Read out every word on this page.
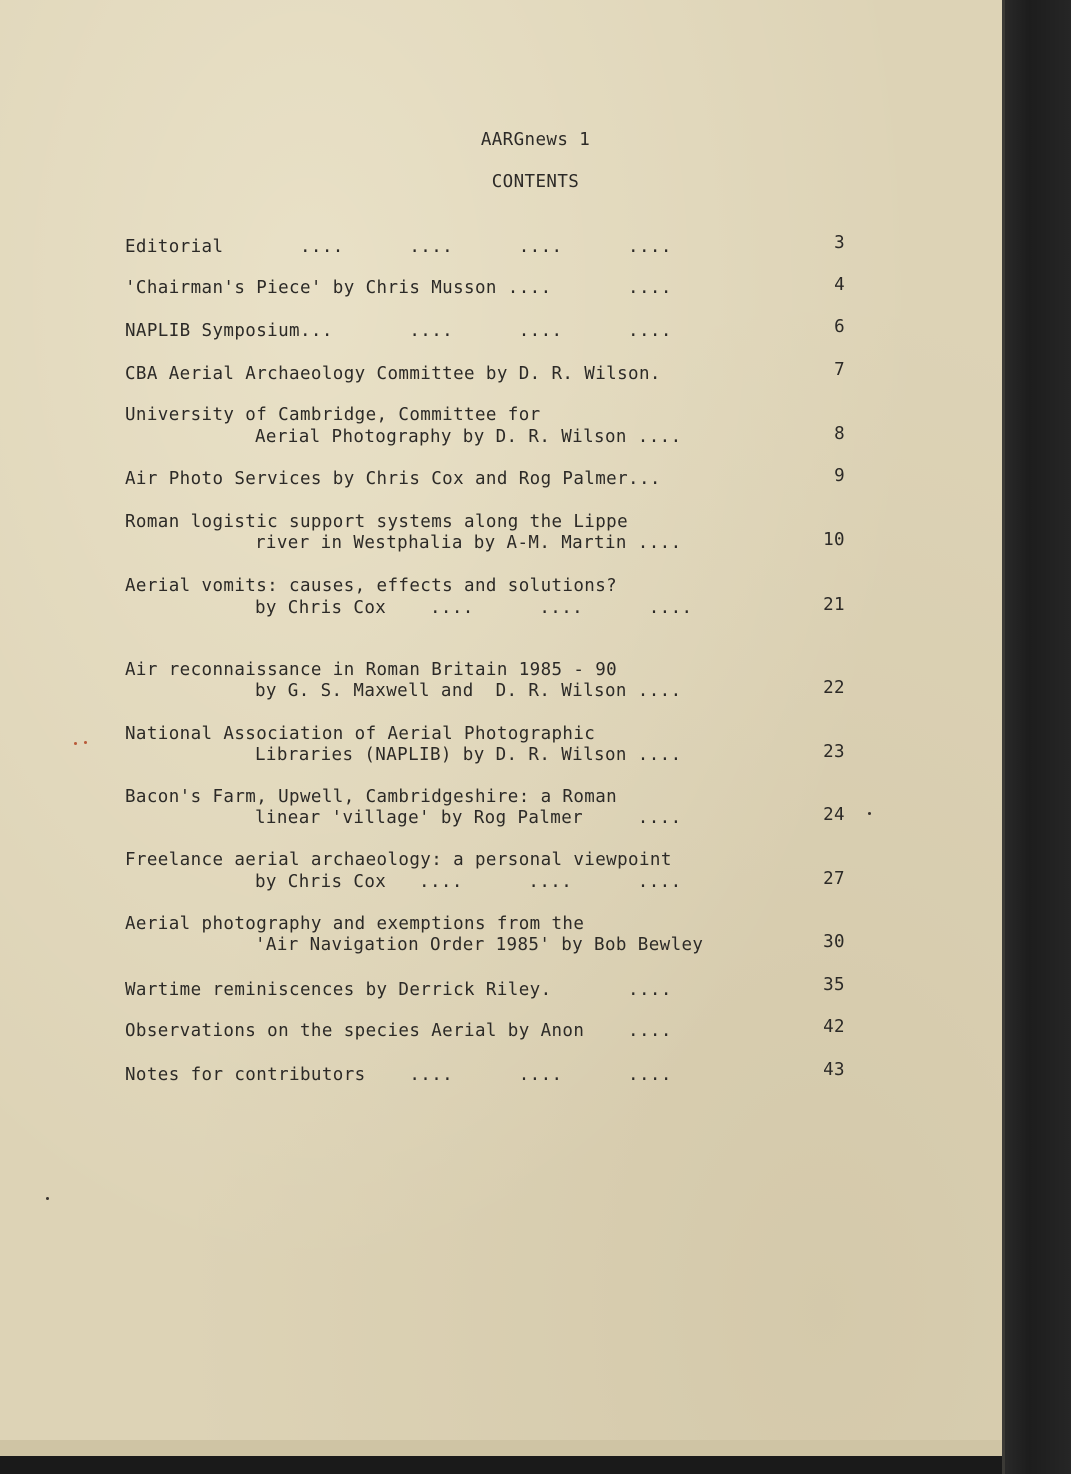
AARGnews 1
CONTENTS
Editorial       ....      ....      ....      ....	3
'Chairman's Piece' by Chris Musson ....       ....	4
NAPLIB Symposium...       ....      ....      ....	6
CBA Aerial Archaeology Committee by D. R. Wilson.	7
University of Cambridge, Committee for
Aerial Photography by D. R. Wilson ....	8
Air Photo Services by Chris Cox and Rog Palmer...	9
Roman logistic support systems along the Lippe
river in Westphalia by A-M. Martin ....	10
Aerial vomits: causes, effects and solutions?
by Chris Cox    ....      ....      ....	21
Air reconnaissance in Roman Britain 1985 - 90
by G. S. Maxwell and  D. R. Wilson ....	22
National Association of Aerial Photographic
Libraries (NAPLIB) by D. R. Wilson ....	23
Bacon's Farm, Upwell, Cambridgeshire: a Roman
linear 'village' by Rog Palmer     ....	24
Freelance aerial archaeology: a personal viewpoint
by Chris Cox   ....      ....      ....	27
Aerial photography and exemptions from the
'Air Navigation Order 1985' by Bob Bewley	30
Wartime reminiscences by Derrick Riley.       ....	35
Observations on the species Aerial by Anon    ....	42
Notes for contributors    ....      ....      ....	43
